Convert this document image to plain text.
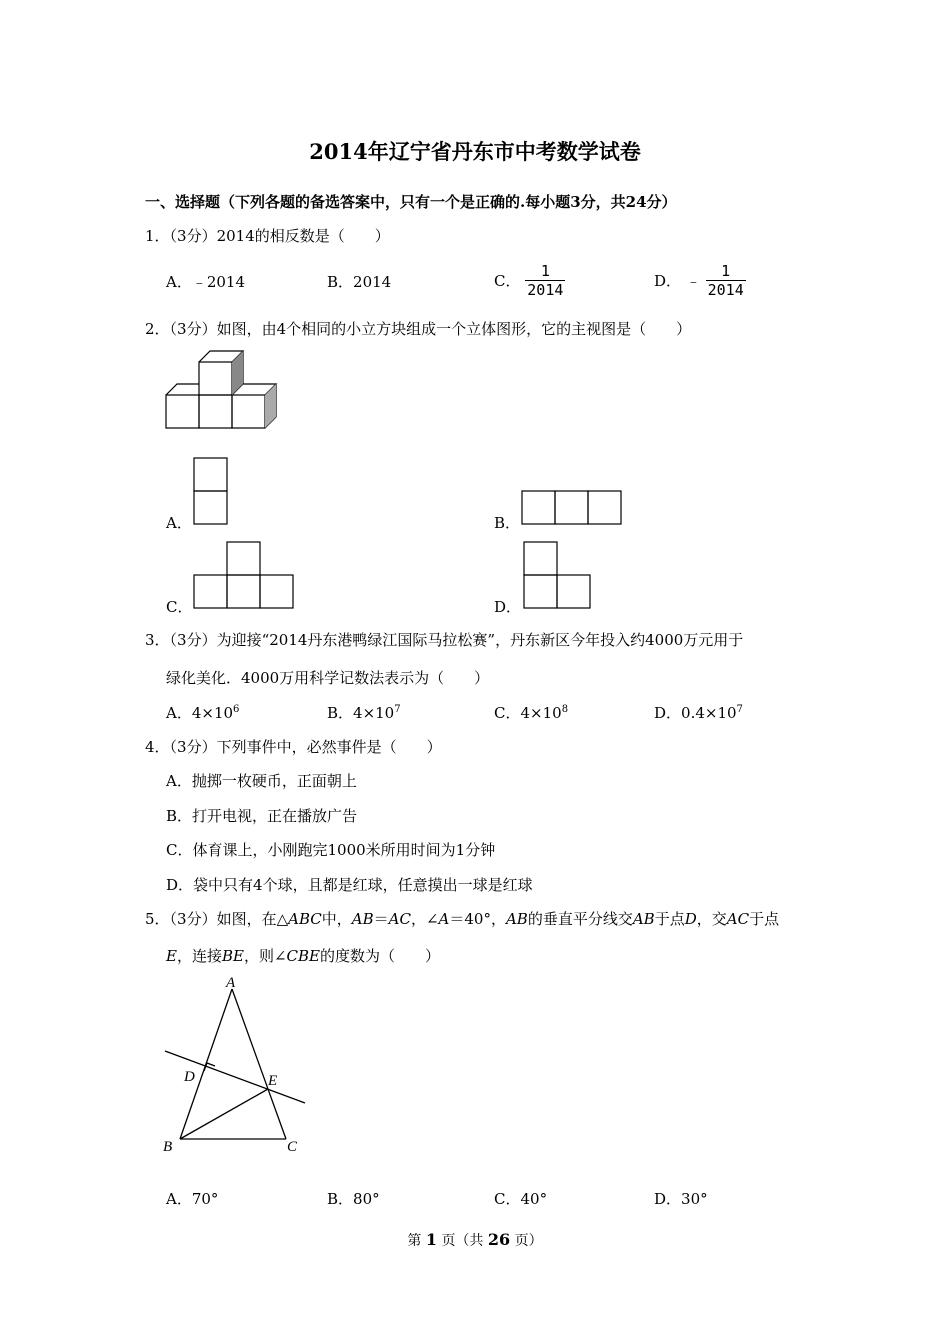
2014年辽宁省丹东市中考数学试卷
一、选择题（下列各题的备选答案中，只有一个是正确的.每小题3分，共24分）
1．（3分）2014的相反数是（　　）
A．﹣2014	B．2014	C． $\frac{1}{2014}$	D． ﹣ $\frac{1}{2014}$
2．（3分）如图，由4个相同的小立方块组成一个立体图形，它的主视图是（　　）
A．	B．
C．	D．
3．（3分）为迎接“2014丹东港鸭绿江国际马拉松赛”，丹东新区今年投入约4000万元用于
绿化美化．4000万用科学记数法表示为（　　）
A．$4\times 10^6$	B．$4\times 10^7$	C．$4\times 10^8$	D．$0.4\times 10^7$
4．（3分）下列事件中，必然事件是（　　）
A．抛掷一枚硬币，正面朝上
B．打开电视，正在播放广告
C．体育课上，小刚跑完1000米所用时间为1分钟
D．袋中只有4个球，且都是红球，任意摸出一球是红球
5．（3分）如图，在△ABC中，AB＝AC，∠A＝40°，AB的垂直平分线交AB于点D，交AC于点
E，连接BE，则∠CBE的度数为（　　）
A
B	C
D	E
A．70°	B．80°	C．40°	D．30°
第 1 页（共 26 页）
